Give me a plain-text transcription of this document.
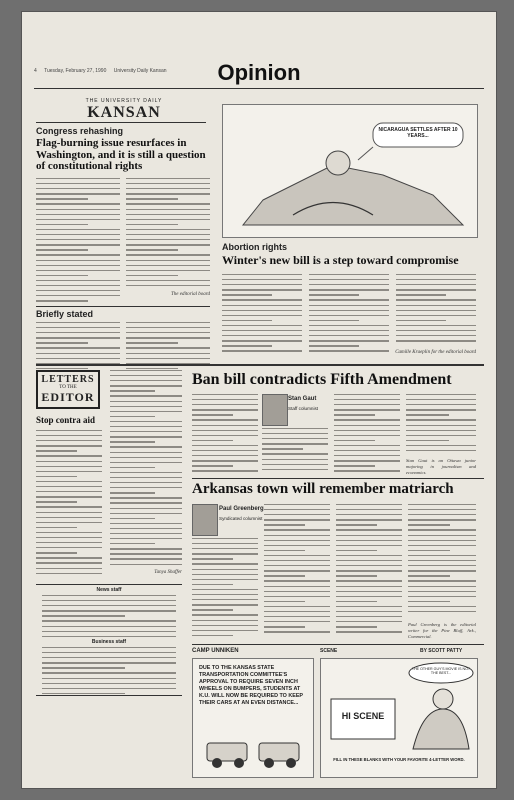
4 Tuesday, February 27, 1990 University Daily Kansan	Opinion
THE UNIVERSITY DAILY
KANSAN
Congress rehashing
Flag-burning issue resurfaces in Washington, and it is still a question of constitutional rights
The editorial board
Briefly stated
NICARAGUA SETTLES AFTER 10 YEARS...
Abortion rights
Winter's new bill is a step toward compromise
Camille Kraeplin for the editorial board
LETTERS
TO THE
EDITOR
Stop contra aid
Tanya Shaffer
News staff
Business staff
Ban bill contradicts Fifth Amendment
Stan Gaut
Staff columnist
Stan Gaut is an Ottawa junior majoring in journalism and economics.
Arkansas town will remember matriarch
Paul Greenberg
Syndicated columnist
Paul Greenberg is the editorial writer for the Pine Bluff, Ark., Commercial.
CAMP UNNIKEN
DUE TO THE KANSAS STATE TRANSPORTATION COMMITTEE'S APPROVAL TO REQUIRE SEVEN INCH WHEELS ON BUMPERS, STUDENTS AT K.U. WILL NOW BE REQUIRED TO KEEP THEIR CARS AT AN EVEN DISTANCE...
SCENE	BY SCOTT PATTY
HI SCENE
THE OTHER GUY'S MOVIE IS NOT THE BEST...
FILL IN THESE BLANKS WITH YOUR FAVORITE 4-LETTER WORD.
